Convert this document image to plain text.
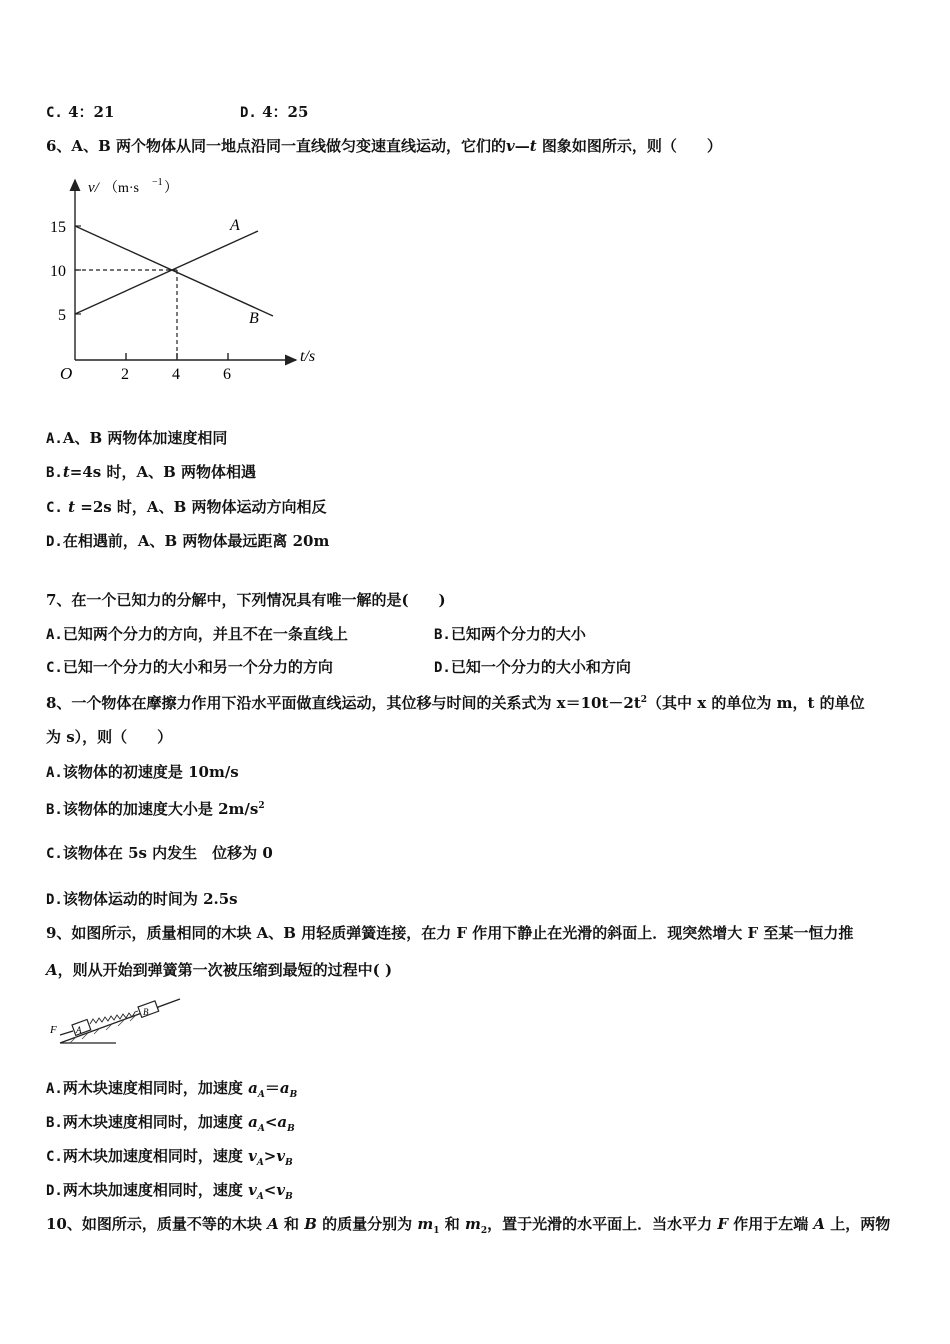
C. 4：21	D. 4：25
6、A、B 两个物体从同一地点沿同一直线做匀变速直线运动，它们的v—t 图象如图所示，则（　　）
v/ （m·s −1 ）
15
10
5
O	2	4	6
t/s
A
B
A.A、B 两物体加速度相同
B.t=4s 时，A、B 两物体相遇
C. t =2s 时，A、B 两物体运动方向相反
D.在相遇前，A、B 两物体最远距离 20m
7、在一个已知力的分解中，下列情况具有唯一解的是(　　)
A.已知两个分力的方向，并且不在一条直线上	B.已知两个分力的大小
C.已知一个分力的大小和另一个分力的方向	D.已知一个分力的大小和方向
8、一个物体在摩擦力作用下沿水平面做直线运动，其位移与时间的关系式为 $x=10t-2t^2$（其中 x 的单位为 m，t 的单位
为 s），则（　　）
A.该物体的初速度是 10m/s
B.该物体的加速度大小是 $2m/s^2$
C.该物体在 5s 内发生　位移为 0
D.该物体运动的时间为 2.5s
9、如图所示，质量相同的木块 A、B 用轻质弹簧连接，在力 F 作用下静止在光滑的斜面上．现突然增大 F 至某一恒力推
A，则从开始到弹簧第一次被压缩到最短的过程中( )
F A
B
A.两木块速度相同时，加速度 $a_A=a_B$
B.两木块速度相同时，加速度 $a_A<a_B$
C.两木块加速度相同时，速度 $v_A>v_B$
D.两木块加速度相同时，速度 $v_A<v_B$
10、如图所示，质量不等的木块 A 和 B 的质量分别为 $m_1$ 和 $m_2$，置于光滑的水平面上．当水平力 F 作用于左端 A 上，两物
